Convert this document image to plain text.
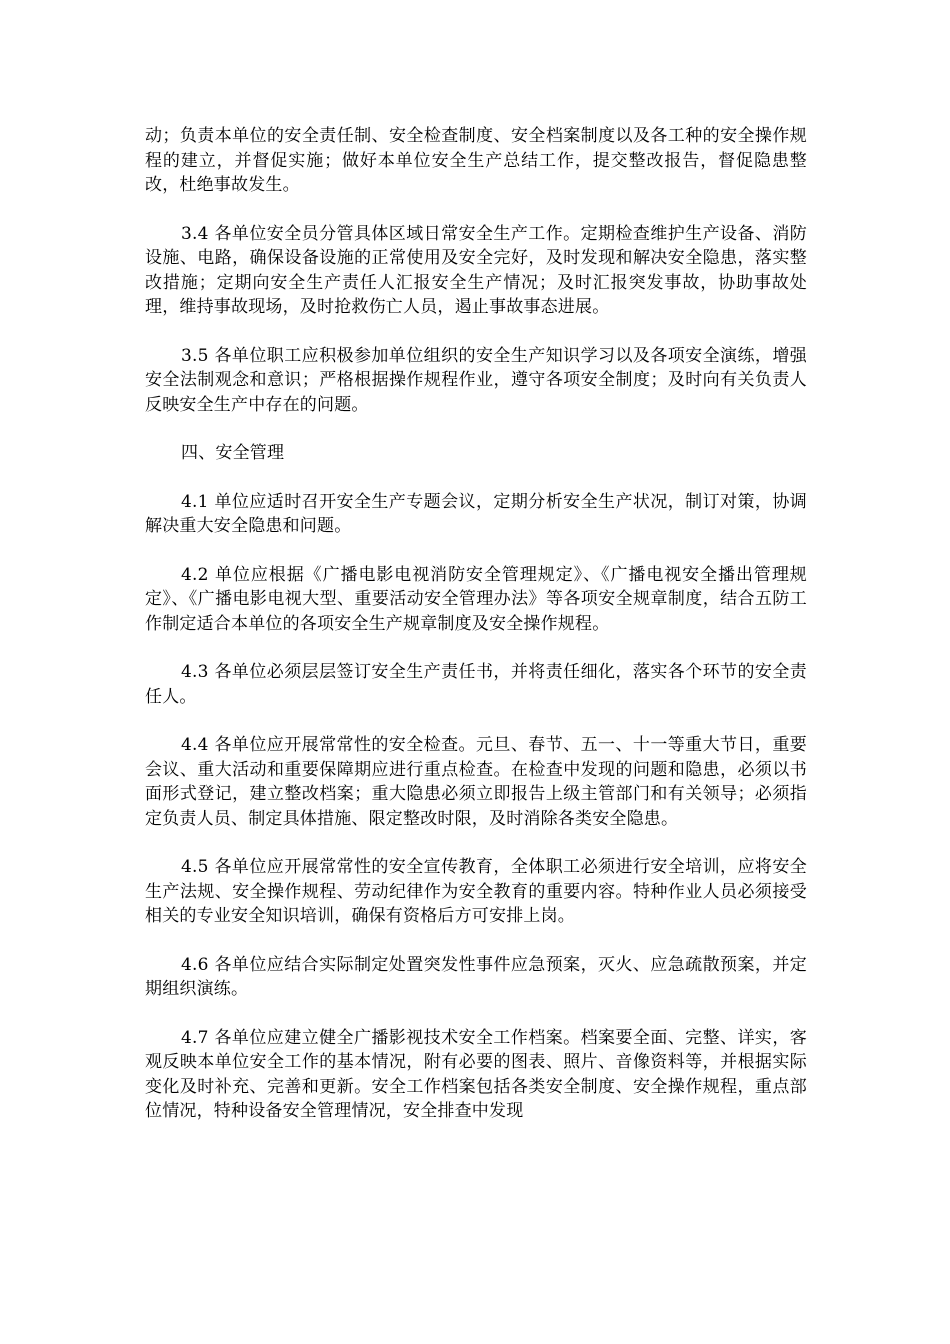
动；负责本单位的安全责任制、安全检查制度、安全档案制度以及各工种的安全操作规程的建立，并督促实施；做好本单位安全生产总结工作，提交整改报告，督促隐患整改，杜绝事故发生。

3.4 各单位安全员分管具体区域日常安全生产工作。定期检查维护生产设备、消防设施、电路，确保设备设施的正常使用及安全完好，及时发现和解决安全隐患，落实整改措施；定期向安全生产责任人汇报安全生产情况；及时汇报突发事故，协助事故处理，维持事故现场，及时抢救伤亡人员，遏止事故事态进展。

3.5 各单位职工应积极参加单位组织的安全生产知识学习以及各项安全演练，增强安全法制观念和意识；严格根据操作规程作业，遵守各项安全制度；及时向有关负责人反映安全生产中存在的问题。

四、安全管理

4.1 单位应适时召开安全生产专题会议，定期分析安全生产状况，制订对策，协调解决重大安全隐患和问题。

4.2 单位应根据《广播电影电视消防安全管理规定》、《广播电视安全播出管理规定》、《广播电影电视大型、重要活动安全管理办法》等各项安全规章制度，结合五防工作制定适合本单位的各项安全生产规章制度及安全操作规程。

4.3 各单位必须层层签订安全生产责任书，并将责任细化，落实各个环节的安全责任人。

4.4 各单位应开展常常性的安全检查。元旦、春节、五一、十一等重大节日，重要会议、重大活动和重要保障期应进行重点检查。在检查中发现的问题和隐患，必须以书面形式登记，建立整改档案；重大隐患必须立即报告上级主管部门和有关领导；必须指定负责人员、制定具体措施、限定整改时限，及时消除各类安全隐患。

4.5 各单位应开展常常性的安全宣传教育，全体职工必须进行安全培训，应将安全生产法规、安全操作规程、劳动纪律作为安全教育的重要内容。特种作业人员必须接受相关的专业安全知识培训，确保有资格后方可安排上岗。

4.6 各单位应结合实际制定处置突发性事件应急预案，灭火、应急疏散预案，并定期组织演练。

4.7 各单位应建立健全广播影视技术安全工作档案。档案要全面、完整、详实，客观反映本单位安全工作的基本情况，附有必要的图表、照片、音像资料等，并根据实际变化及时补充、完善和更新。安全工作档案包括各类安全制度、安全操作规程，重点部位情况，特种设备安全管理情况，安全排查中发现
